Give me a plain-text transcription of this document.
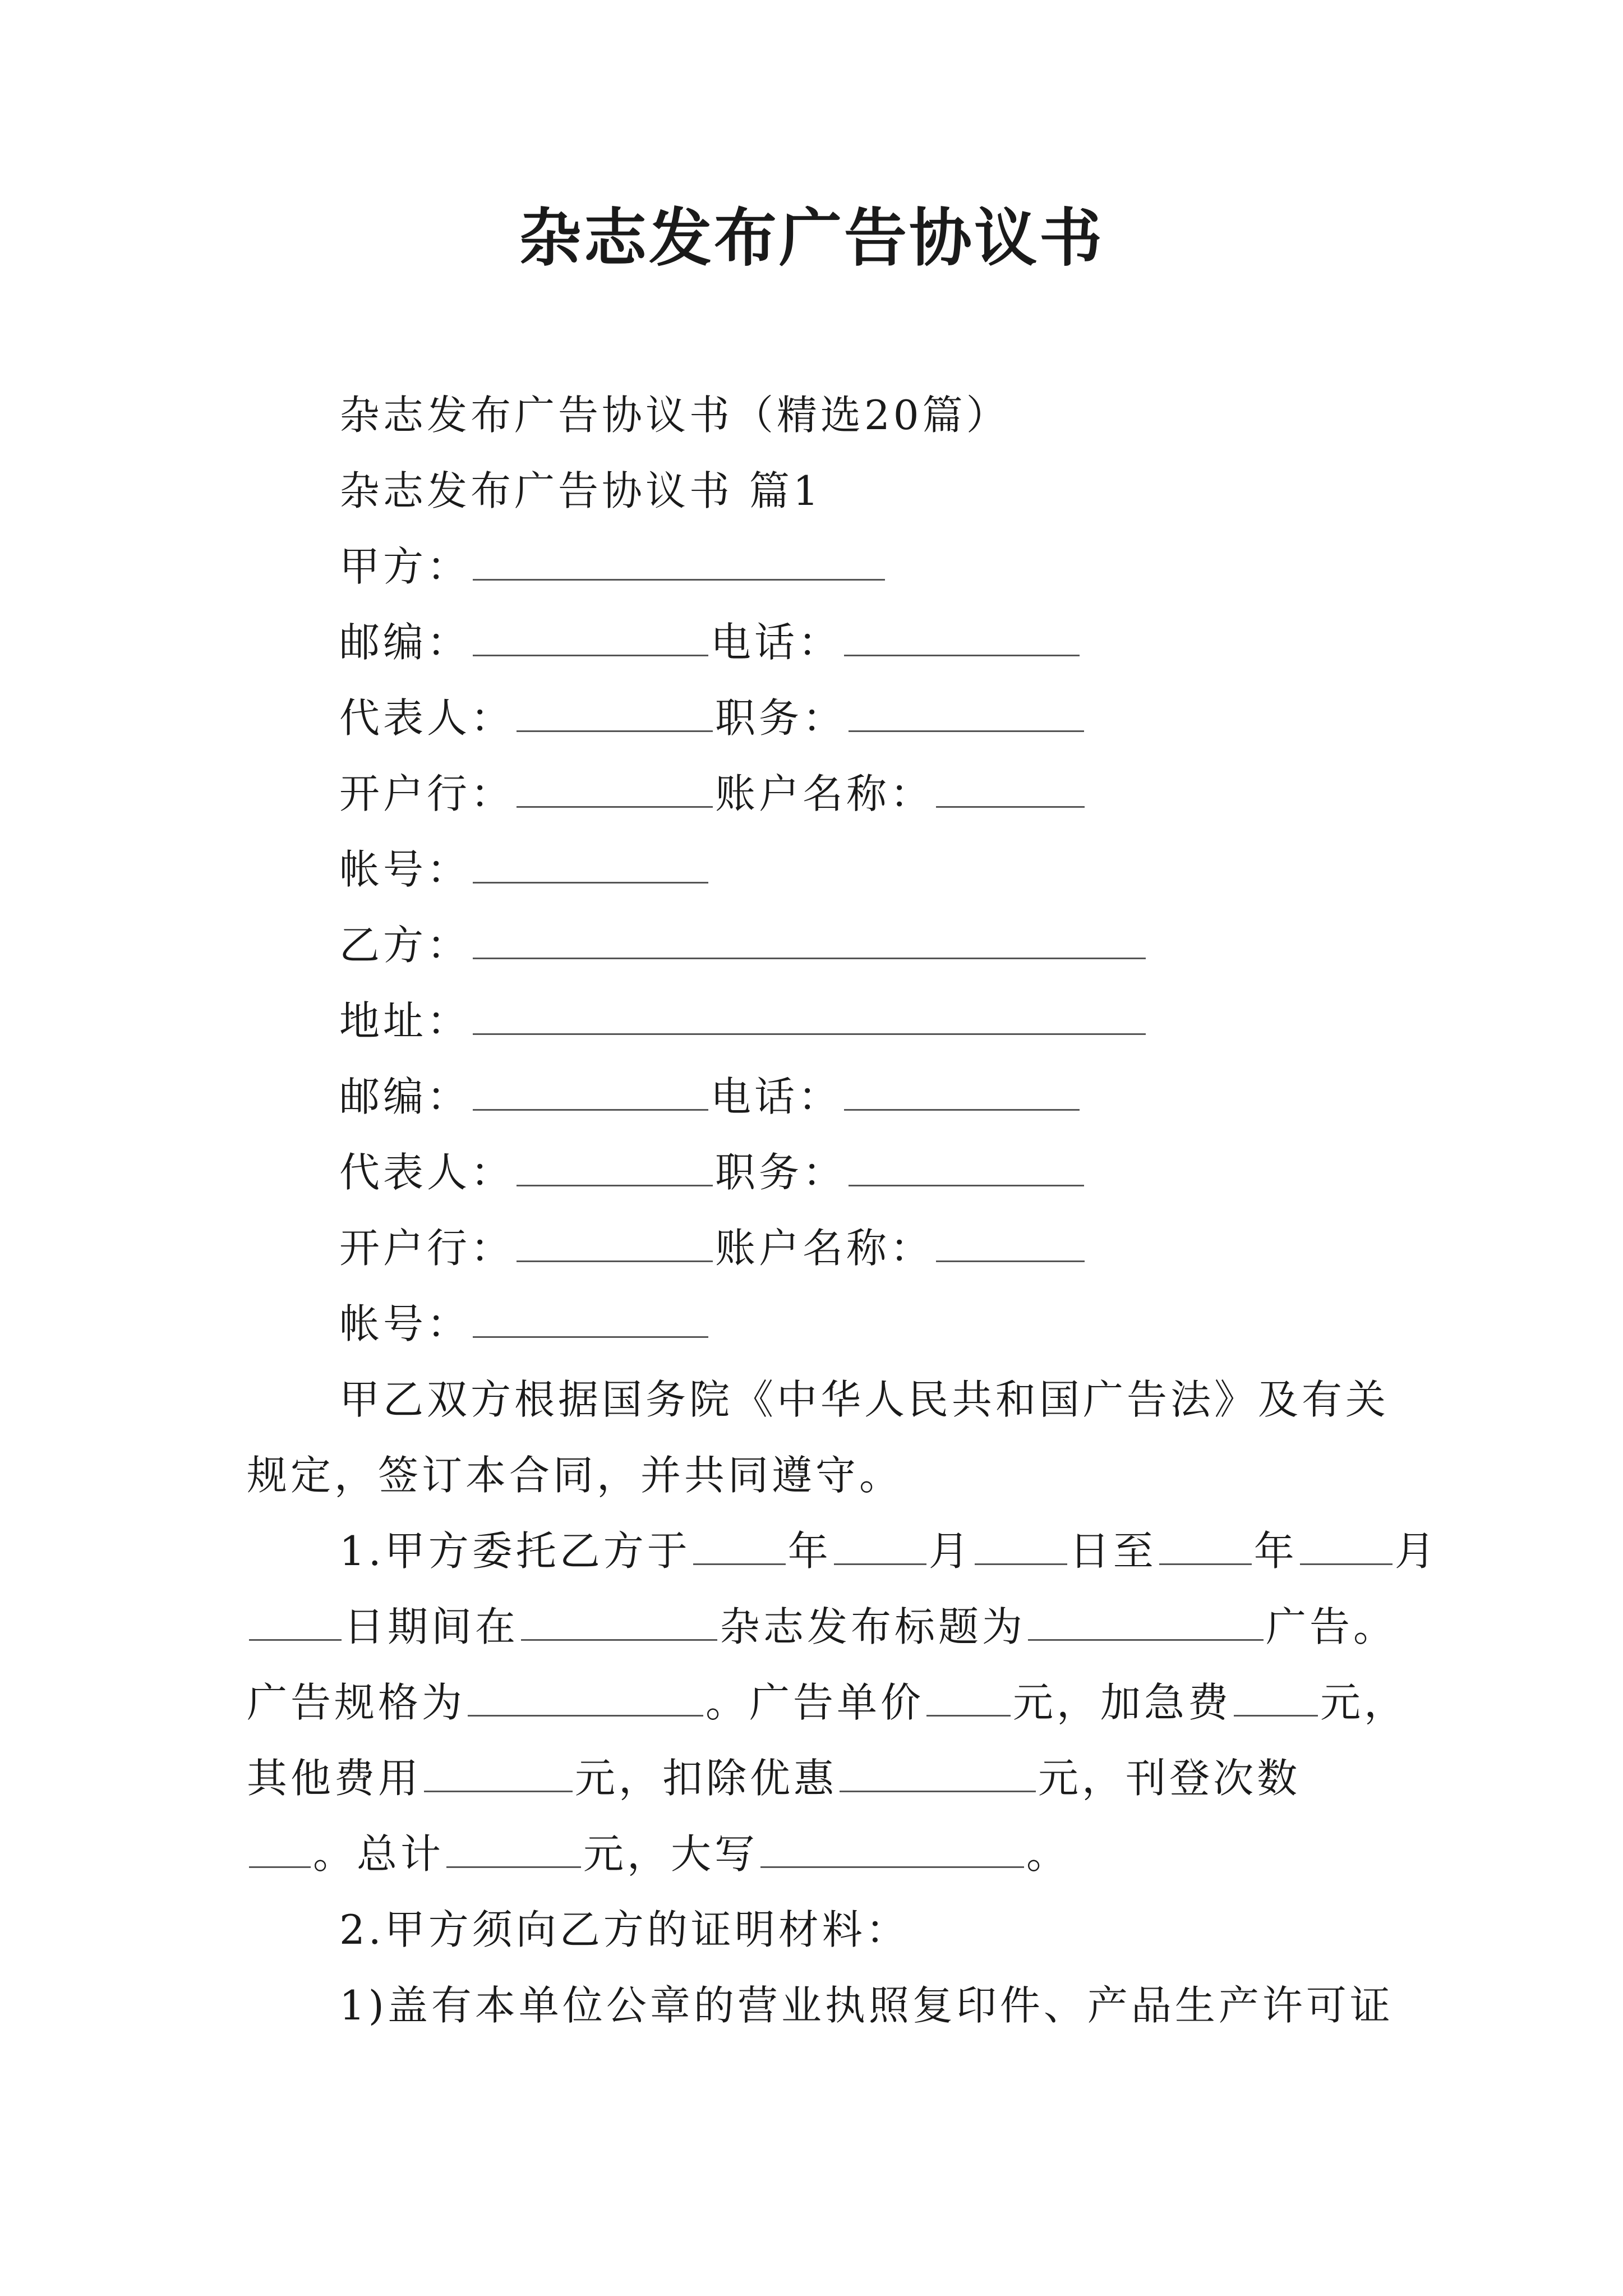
杂志发布广告协议书
杂志发布广告协议书（精选20篇）
杂志发布广告协议书 篇1
甲方：
邮编：	电话：
代表人：	职务：
开户行：	账户名称：
帐号：
乙方：
地址：
邮编：	电话：
代表人：	职务：
开户行：	账户名称：
帐号：
甲乙双方根据国务院《中华人民共和国广告法》及有关
规定，签订本合同，并共同遵守。
1.甲方委托乙方于 年 月 日至 年 月
日期间在	杂志发布标题为	广告。
广告规格为	。广告单价 元，加急费 元，
其他费用	元，扣除优惠	元，刊登次数
。总计	元，大写	。
2.甲方须向乙方的证明材料：
1)盖有本单位公章的营业执照复印件、产品生产许可证
